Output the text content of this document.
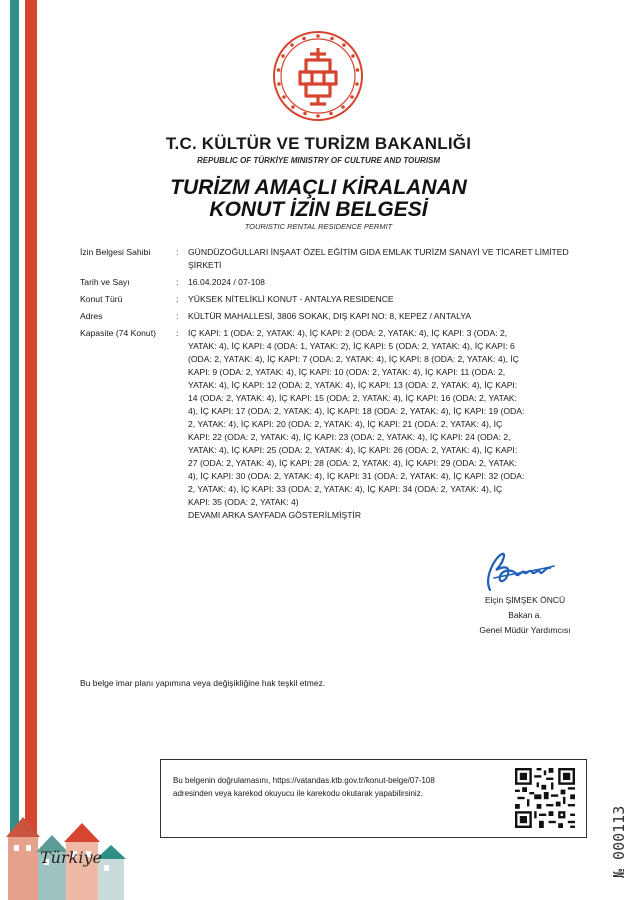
T.C. KÜLTÜR VE TURİZM BAKANLIĞI
REPUBLIC OF TÜRKİYE MINISTRY OF CULTURE AND TOURISM
TURİZM AMAÇLI KİRALANAN
KONUT İZİN BELGESİ
TOURISTIC RENTAL RESIDENCE PERMIT
İzin Belgesi Sahibi	:	GÜNDÜZOĞULLARI İNŞAAT ÖZEL EĞİTİM GIDA EMLAK TURİZM SANAYİ VE TİCARET LİMİTED ŞİRKETİ
Tarih ve Sayı	:	16.04.2024 / 07-108
Konut Türü	:	YÜKSEK NİTELİKLİ KONUT - ANTALYA RESIDENCE
Adres	:	KÜLTÜR MAHALLESİ, 3806 SOKAK, DIŞ KAPI NO: 8, KEPEZ / ANTALYA
Kapasite (74 Konut)	:	İÇ KAPI: 1 (ODA: 2, YATAK: 4), İÇ KAPI: 2 (ODA: 2, YATAK: 4), İÇ KAPI: 3 (ODA: 2,
YATAK: 4), İÇ KAPI: 4 (ODA: 1, YATAK: 2), İÇ KAPI: 5 (ODA: 2, YATAK: 4), İÇ KAPI: 6
(ODA: 2, YATAK: 4), İÇ KAPI: 7 (ODA: 2, YATAK: 4), İÇ KAPI: 8 (ODA: 2, YATAK: 4), İÇ
KAPI: 9 (ODA: 2, YATAK: 4), İÇ KAPI: 10 (ODA: 2, YATAK: 4), İÇ KAPI: 11 (ODA: 2,
YATAK: 4), İÇ KAPI: 12 (ODA: 2, YATAK: 4), İÇ KAPI: 13 (ODA: 2, YATAK: 4), İÇ KAPI:
14 (ODA: 2, YATAK: 4), İÇ KAPI: 15 (ODA: 2, YATAK: 4), İÇ KAPI: 16 (ODA: 2, YATAK:
4), İÇ KAPI: 17 (ODA: 2, YATAK: 4), İÇ KAPI: 18 (ODA: 2, YATAK: 4), İÇ KAPI: 19 (ODA:
2, YATAK: 4), İÇ KAPI: 20 (ODA: 2, YATAK: 4), İÇ KAPI: 21 (ODA: 2, YATAK: 4), İÇ
KAPI: 22 (ODA: 2, YATAK: 4), İÇ KAPI: 23 (ODA: 2, YATAK: 4), İÇ KAPI: 24 (ODA: 2,
YATAK: 4), İÇ KAPI: 25 (ODA: 2, YATAK: 4), İÇ KAPI: 26 (ODA: 2, YATAK: 4), İÇ KAPI:
27 (ODA: 2, YATAK: 4), İÇ KAPI: 28 (ODA: 2, YATAK: 4), İÇ KAPI: 29 (ODA: 2, YATAK:
4), İÇ KAPI: 30 (ODA: 2, YATAK: 4), İÇ KAPI: 31 (ODA: 2, YATAK: 4), İÇ KAPI: 32 (ODA:
2, YATAK: 4), İÇ KAPI: 33 (ODA: 2, YATAK: 4), İÇ KAPI: 34 (ODA: 2, YATAK: 4), İÇ
KAPI: 35 (ODA: 2, YATAK: 4)
DEVAMI ARKA SAYFADA GÖSTERİLMİŞTİR
Elçin ŞİMŞEK ÖNCÜ
Bakan a.
Genel Müdür Yardımcısı
Bu belge imar planı yapımına veya değişikliğine hak teşkil etmez.
Bu belgenin doğrulamasını, https://vatandas.ktb.gov.tr/konut-belge/07-108
adresinden veya karekod okuyucu ile karekodu okutarak yapabilirsiniz.
№ 000113
Türkiye
